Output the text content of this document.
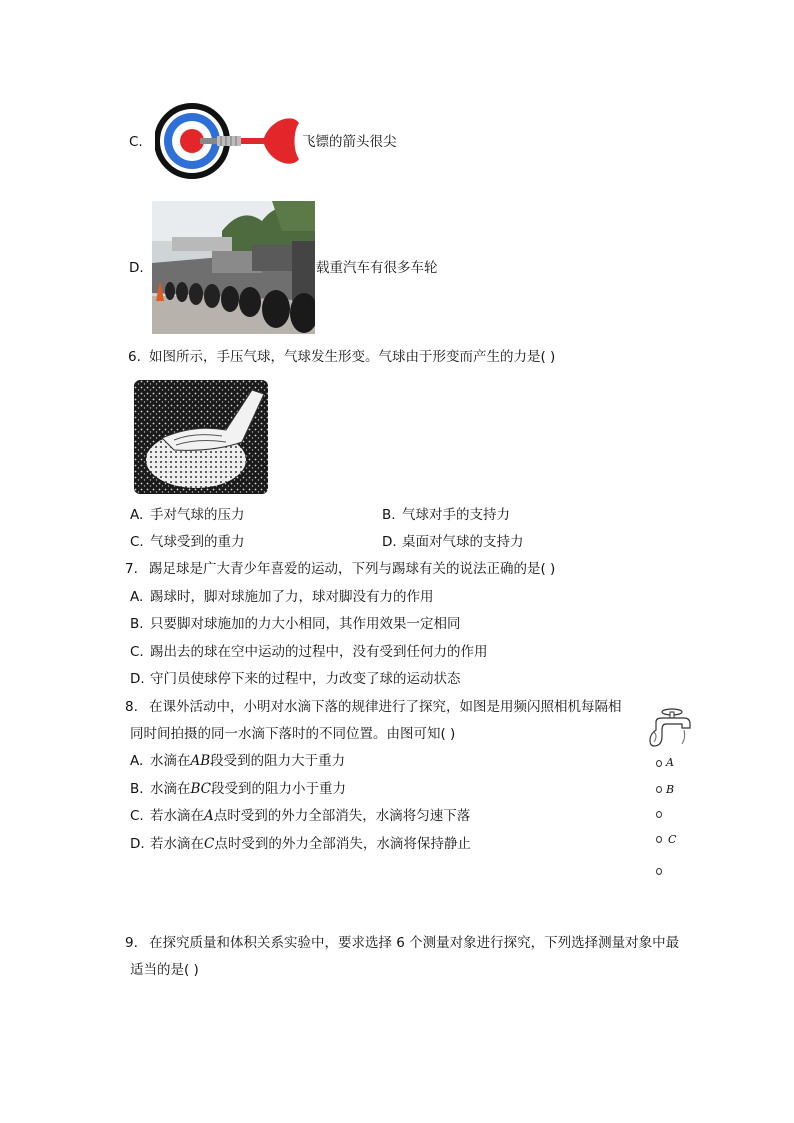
C.	飞镖的箭头很尖
D.	载重汽车有很多车轮
6. 如图所示，手压气球，气球发生形变。气球由于形变而产生的力是( )
A. 手对气球的压力	B. 气球对手的支持力
C. 气球受到的重力	D. 桌面对气球的支持力
7. 踢足球是广大青少年喜爱的运动，下列与踢球有关的说法正确的是( )
A. 踢球时，脚对球施加了力，球对脚没有力的作用
B. 只要脚对球施加的力大小相同，其作用效果一定相同
C. 踢出去的球在空中运动的过程中，没有受到任何力的作用
D. 守门员使球停下来的过程中，力改变了球的运动状态
8. 在课外活动中，小明对水滴下落的规律进行了探究，如图是用频闪照相机每隔相
同时间拍摄的同一水滴下落时的不同位置。由图可知( )
A. 水滴在AB段受到的阻力大于重力
B. 水滴在BC段受到的阻力小于重力
C. 若水滴在A点时受到的外力全部消失，水滴将匀速下落
D. 若水滴在C点时受到的外力全部消失，水滴将保持静止
A
B
C
9. 在探究质量和体积关系实验中，要求选择 6 个测量对象进行探究，下列选择测量对象中最
适当的是( )
